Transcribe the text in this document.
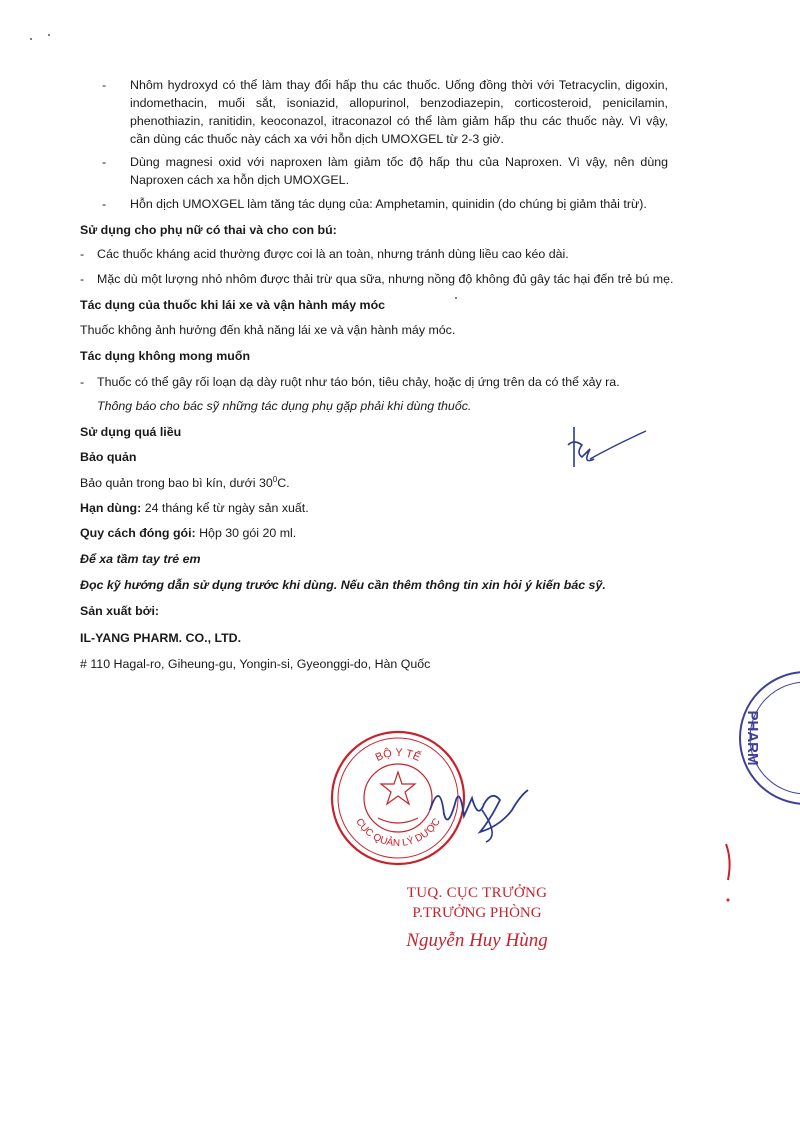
- Nhôm hydroxyd có thể làm thay đổi hấp thu các thuốc. Uống đồng thời với Tetracyclin, digoxin, indomethacin, muối sắt, isoniazid, allopurinol, benzodiazepin, corticosteroid, penicilamin, phenothiazin, ranitidin, keoconazol, itraconazol có thể làm giảm hấp thu các thuốc này. Vì vậy, cần dùng các thuốc này cách xa với hỗn dịch UMOXGEL từ 2-3 giờ.
- Dùng magnesi oxid với naproxen làm giảm tốc độ hấp thu của Naproxen. Vì vậy, nên dùng Naproxen cách xa hỗn dịch UMOXGEL.
- Hỗn dịch UMOXGEL làm tăng tác dụng của: Amphetamin, quinidin (do chúng bị giảm thải trừ).
Sử dụng cho phụ nữ có thai và cho con bú:
- Các thuốc kháng acid thường được coi là an toàn, nhưng tránh dùng liều cao kéo dài.
- Mặc dù một lượng nhỏ nhôm được thải trừ qua sữa, nhưng nồng độ không đủ gây tác hại đến trẻ bú mẹ.
Tác dụng của thuốc khi lái xe và vận hành máy móc
Thuốc không ảnh hưởng đến khả năng lái xe và vận hành máy móc.
Tác dụng không mong muốn
- Thuốc có thể gây rối loạn dạ dày ruột như táo bón, tiêu chảy, hoặc dị ứng trên da có thể xảy ra.
Thông báo cho bác sỹ những tác dụng phụ gặp phải khi dùng thuốc.
Sử dụng quá liều
Bảo quản
Bảo quản trong bao bì kín, dưới $30^0C$.
Hạn dùng: 24 tháng kể từ ngày sản xuất.
Quy cách đóng gói: Hộp 30 gói 20 ml.
Để xa tầm tay trẻ em
Đọc kỹ hướng dẫn sử dụng trước khi dùng. Nếu cần thêm thông tin xin hỏi ý kiến bác sỹ.
Sản xuất bởi:
IL-YANG PHARM. CO., LTD.
# 110 Hagal-ro, Giheung-gu, Yongin-si, Gyeonggi-do, Hàn Quốc
BỘ Y TẾ
CỤC QUẢN LÝ DƯỢC
PHARM
TUQ. CỤC TRƯỞNG
P.TRƯỞNG PHÒNG
Nguyễn Huy Hùng
